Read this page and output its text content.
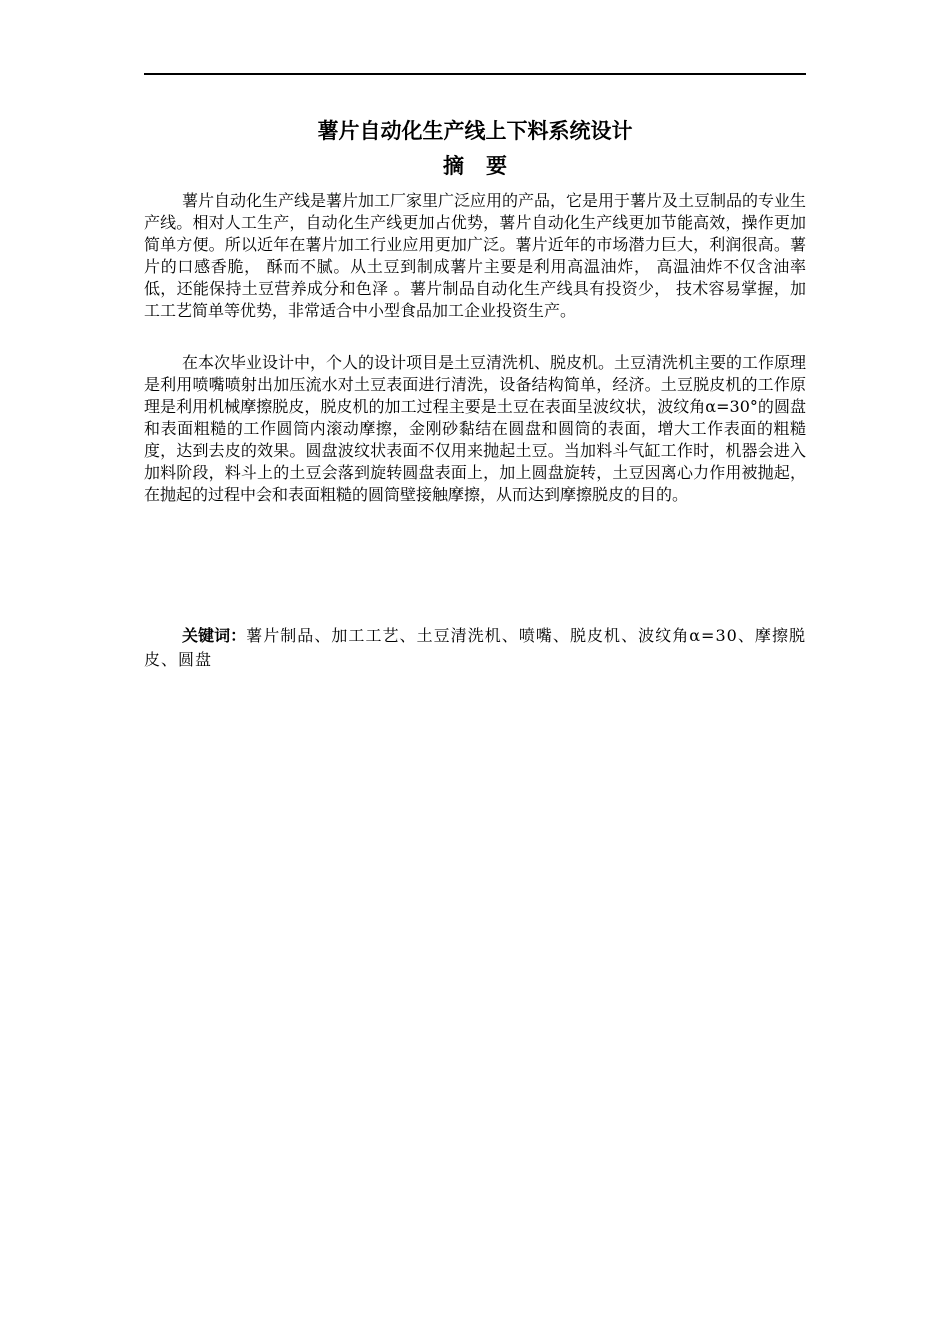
薯片自动化生产线上下料系统设计
摘要

薯片自动化生产线是薯片加工厂家里广泛应用的产品，它是用于薯片及土豆制品的专业生产线。相对人工生产，自动化生产线更加占优势，薯片自动化生产线更加节能高效，操作更加简单方便。所以近年在薯片加工行业应用更加广泛。薯片近年的市场潜力巨大，利润很高。薯片的口感香脆， 酥而不腻。从土豆到制成薯片主要是利用高温油炸， 高温油炸不仅含油率低，还能保持土豆营养成分和色泽 。薯片制品自动化生产线具有投资少， 技术容易掌握，加工工艺简单等优势，非常适合中小型食品加工企业投资生产。

在本次毕业设计中，个人的设计项目是土豆清洗机、脱皮机。土豆清洗机主要的工作原理是利用喷嘴喷射出加压流水对土豆表面进行清洗，设备结构简单，经济。土豆脱皮机的工作原理是利用机械摩擦脱皮，脱皮机的加工过程主要是土豆在表面呈波纹状，波纹角α=30°的圆盘和表面粗糙的工作圆筒内滚动摩擦，金刚砂黏结在圆盘和圆筒的表面，增大工作表面的粗糙度，达到去皮的效果。圆盘波纹状表面不仅用来抛起土豆。当加料斗气缸工作时，机器会进入加料阶段，料斗上的土豆会落到旋转圆盘表面上，加上圆盘旋转，土豆因离心力作用被抛起，在抛起的过程中会和表面粗糙的圆筒壁接触摩擦，从而达到摩擦脱皮的目的。

关键词：薯片制品、加工工艺、土豆清洗机、喷嘴、脱皮机、波纹角α=30、摩擦脱皮、圆盘
